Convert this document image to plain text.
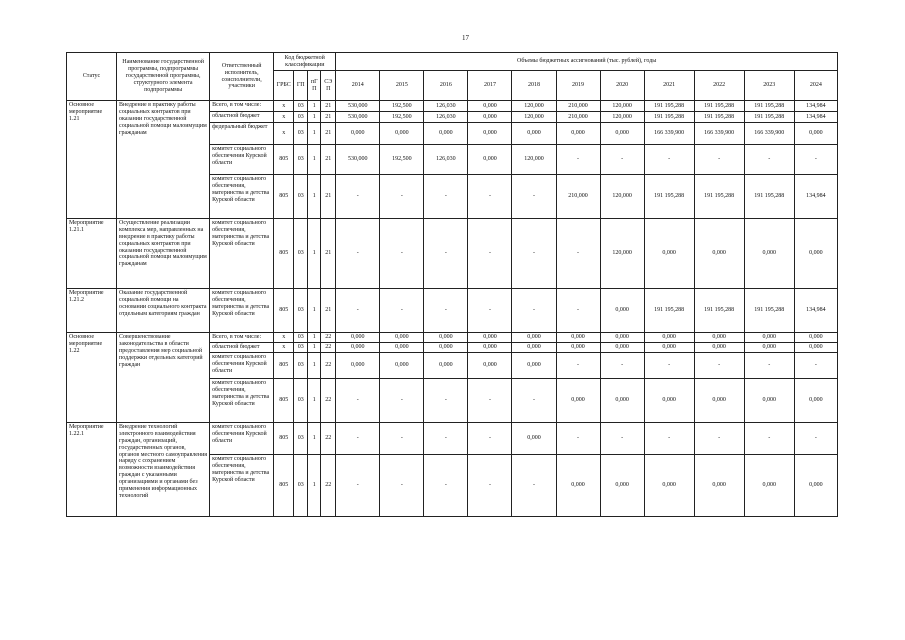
17
Статус	Наименование государственной программы, подпрограммы государственной программы, структурного элемента подпрограммы	Ответственный исполнитель, соисполнители, участники	Код бюджетной классификации				Объемы бюджетных ассигнований (тыс. рублей), годы										
			ГРБС	ГП	пГП	СЭП	2014	2015	2016	2017	2018	2019	2020	2021	2022	2023	2024
Основное мероприятие 1.21	Внедрение в практику работы социальных контрактов при оказании государственной социальной помощи малоимущим гражданам	Всего, в том числе:	x	03	1	21	530,000	192,500	126,030	0,000	120,000	210,000	120,000	191 195,288	191 195,288	191 195,288	134,984
		областной бюджет	x	03	1	21	530,000	192,500	126,030	0,000	120,000	210,000	120,000	191 195,288	191 195,288	191 195,288	134,984
		федеральный бюджет	x	03	1	21	0,000	0,000	0,000	0,000	0,000	0,000	0,000	166 339,900	166 339,900	166 339,900	0,000
		комитет социального обеспечения Курской области	805	03	1	21	530,000	192,500	126,030	0,000	120,000	-	-	-	-	-	-
		комитет социального обеспечения, материнства и детства Курской области	805	03	1	21	-	-	-	-	-	210,000	120,000	191 195,288	191 195,288	191 195,288	134,984
Мероприятие 1.21.1	Осуществление реализации комплекса мер, направленных на внедрение в практику работы социальных контрактов при оказании государственной социальной помощи малоимущим гражданам	комитет социального обеспечения, материнства и детства Курской области	805	03	1	21	-	-	-	-	-	-	120,000	0,000	0,000	0,000	0,000
Мероприятие 1.21.2	Оказание государственной социальной помощи на основании социального контракта отдельным категориям граждан	комитет социального обеспечения, материнства и детства Курской области	805	03	1	21	-	-	-	-	-	-	0,000	191 195,288	191 195,288	191 195,288	134,984
Основное мероприятие 1.22	Совершенствование законодательства в области предоставления мер социальной поддержки отдельных категорий граждан	Всего, в том числе:	x	03	1	22	0,000	0,000	0,000	0,000	0,000	0,000	0,000	0,000	0,000	0,000	0,000
		областной бюджет	x	03	1	22	0,000	0,000	0,000	0,000	0,000	0,000	0,000	0,000	0,000	0,000	0,000
		комитет социального обеспечения Курской области	805	03	1	22	0,000	0,000	0,000	0,000	0,000	-	-	-	-	-	-
		комитет социального обеспечения, материнства и детства Курской области	805	03	1	22	-	-	-	-	-	0,000	0,000	0,000	0,000	0,000	0,000
Мероприятие 1.22.1	Внедрение технологий электронного взаимодействия граждан, организаций, государственных органов, органов местного самоуправления наряду с сохранением возможности взаимодействия граждан с указанными организациями и органами без применения информационных технологий	комитет социального обеспечения Курской области	805	03	1	22	-	-	-	-	0,000	-	-	-	-	-	-
		комитет социального обеспечения, материнства и детства Курской области	805	03	1	22	-	-	-	-	-	0,000	0,000	0,000	0,000	0,000	0,000
